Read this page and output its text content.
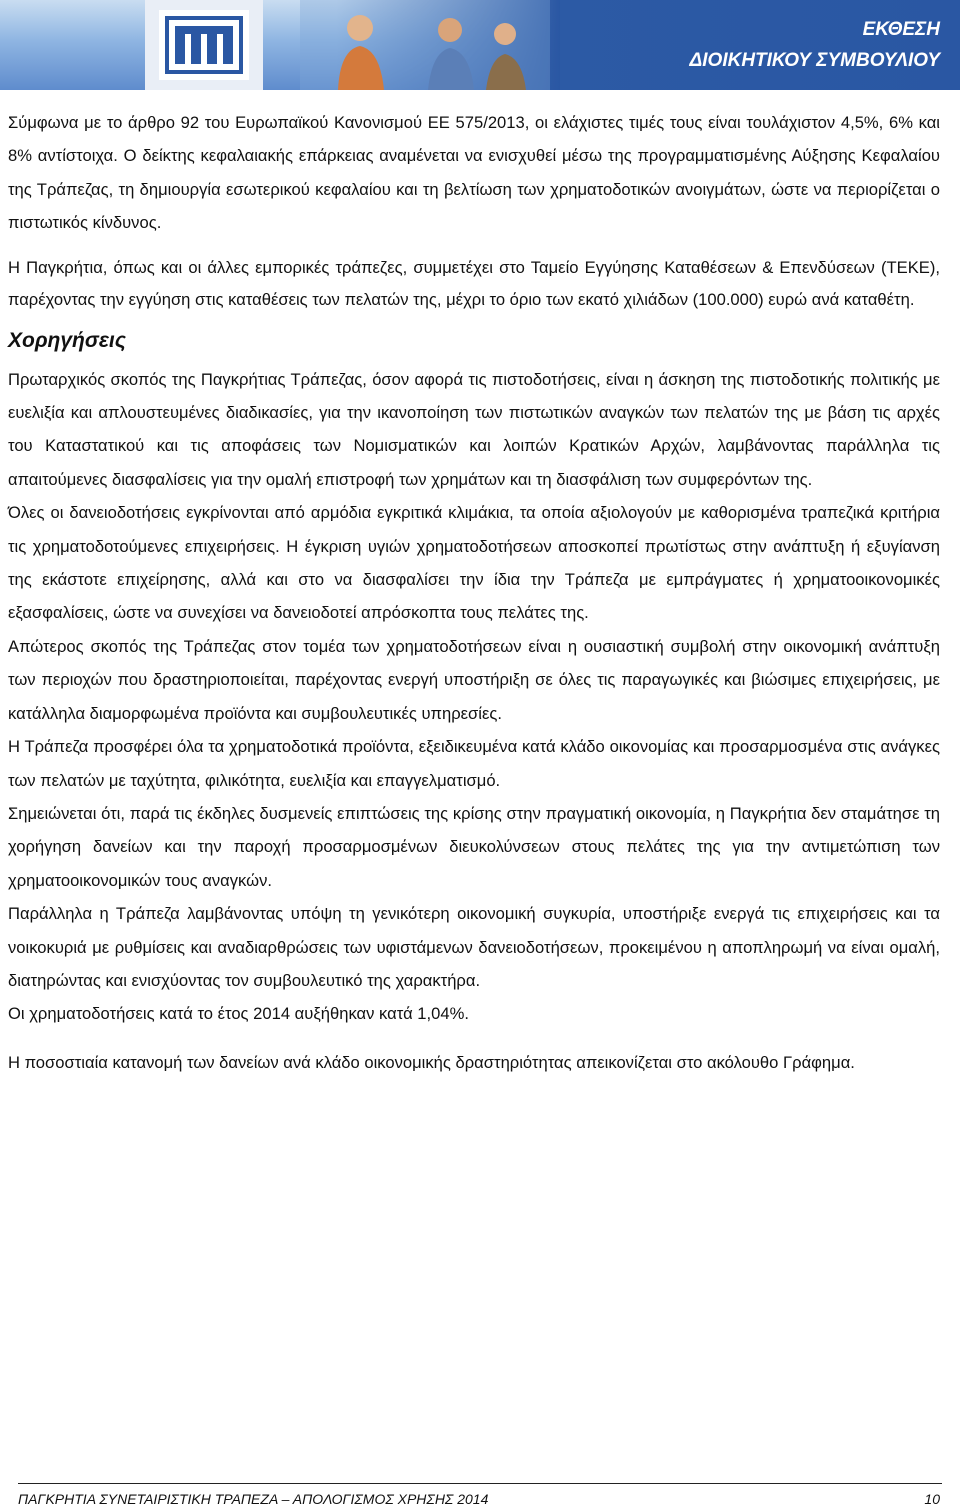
ΕΚΘΕΣΗ
ΔΙΟΙΚΗΤΙΚΟΥ ΣΥΜΒΟΥΛΙΟΥ

Σύμφωνα με το άρθρο 92 του Ευρωπαϊκού Κανονισμού ΕΕ 575/2013, οι ελάχιστες τιμές τους είναι τουλάχιστον 4,5%, 6% και 8% αντίστοιχα. Ο δείκτης κεφαλαιακής επάρκειας αναμένεται να ενισχυθεί μέσω της προγραμματισμένης Αύξησης Κεφαλαίου της Τράπεζας, τη δημιουργία εσωτερικού κεφαλαίου και τη βελτίωση των χρηματοδοτικών ανοιγμάτων, ώστε να περιορίζεται ο πιστωτικός κίνδυνος.

Η Παγκρήτια, όπως και οι άλλες εμπορικές τράπεζες, συμμετέχει στο Ταμείο Εγγύησης Καταθέσεων & Επενδύσεων (ΤΕΚΕ), παρέχοντας την εγγύηση στις καταθέσεις των πελατών της, μέχρι το όριο των εκατό χιλιάδων (100.000) ευρώ ανά καταθέτη.

Χορηγήσεις

Πρωταρχικός σκοπός της Παγκρήτιας Τράπεζας, όσον αφορά τις πιστοδοτήσεις, είναι η άσκηση της πιστοδοτικής πολιτικής με ευελιξία και απλουστευμένες διαδικασίες, για την ικανοποίηση των πιστωτικών αναγκών των πελατών της με βάση τις αρχές του Καταστατικού και τις αποφάσεις των Νομισματικών και λοιπών Κρατικών Αρχών, λαμβάνοντας παράλληλα τις απαιτούμενες διασφαλίσεις για την ομαλή επιστροφή των χρημάτων και τη διασφάλιση των συμφερόντων της.

Όλες οι δανειοδοτήσεις εγκρίνονται από αρμόδια εγκριτικά κλιμάκια, τα οποία αξιολογούν με καθορισμένα τραπεζικά κριτήρια τις χρηματοδοτούμενες επιχειρήσεις. Η έγκριση υγιών χρηματοδοτήσεων αποσκοπεί πρωτίστως στην ανάπτυξη ή εξυγίανση της εκάστοτε επιχείρησης, αλλά και στο να διασφαλίσει την ίδια την Τράπεζα με εμπράγματες ή χρηματοοικονομικές εξασφαλίσεις, ώστε να συνεχίσει να δανειοδοτεί απρόσκοπτα τους πελάτες της.

Απώτερος σκοπός της Τράπεζας στον τομέα των χρηματοδοτήσεων είναι η ουσιαστική συμβολή στην οικονομική ανάπτυξη των περιοχών που δραστηριοποιείται, παρέχοντας ενεργή υποστήριξη σε όλες τις παραγωγικές και βιώσιμες επιχειρήσεις, με κατάλληλα διαμορφωμένα προϊόντα και συμβουλευτικές υπηρεσίες.

Η Τράπεζα προσφέρει όλα τα χρηματοδοτικά προϊόντα, εξειδικευμένα κατά κλάδο οικονομίας και προσαρμοσμένα στις ανάγκες των πελατών με ταχύτητα, φιλικότητα, ευελιξία και επαγγελματισμό.

Σημειώνεται ότι, παρά τις έκδηλες δυσμενείς επιπτώσεις της κρίσης στην πραγματική οικονομία, η Παγκρήτια δεν σταμάτησε τη χορήγηση δανείων και την παροχή προσαρμοσμένων διευκολύνσεων στους πελάτες της για την αντιμετώπιση των χρηματοοικονομικών τους αναγκών.

Παράλληλα η Τράπεζα λαμβάνοντας υπόψη τη γενικότερη οικονομική συγκυρία, υποστήριξε ενεργά τις επιχειρήσεις και τα νοικοκυριά με ρυθμίσεις και αναδιαρθρώσεις των υφιστάμενων δανειοδοτήσεων, προκειμένου η αποπληρωμή να είναι ομαλή, διατηρώντας και ενισχύοντας τον συμβουλευτικό της χαρακτήρα.

Οι χρηματοδοτήσεις κατά το έτος 2014 αυξήθηκαν κατά 1,04%.

Η ποσοστιαία κατανομή των δανείων ανά κλάδο οικονομικής δραστηριότητας απεικονίζεται στο ακόλουθο Γράφημα.

ΠΑΓΚΡΗΤΙΑ ΣΥΝΕΤΑΙΡΙΣΤΙΚΗ ΤΡΑΠΕΖΑ – ΑΠΟΛΟΓΙΣΜΟΣ ΧΡΗΣΗΣ 2014	10
